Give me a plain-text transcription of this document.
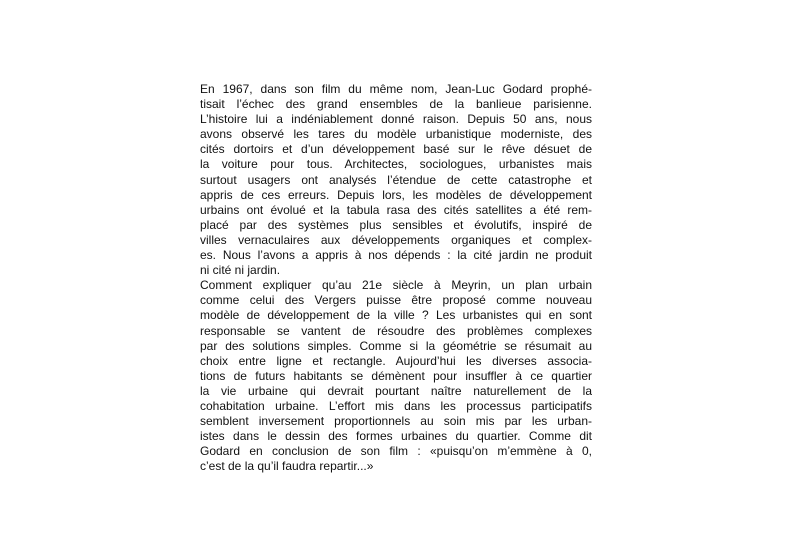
En 1967, dans son film du même nom, Jean-Luc Godard prophé-
tisait l’échec des grand ensembles de la banlieue parisienne.
L’histoire lui a indéniablement donné raison. Depuis 50 ans, nous
avons observé les tares du modèle urbanistique moderniste, des
cités dortoirs et d’un développement basé sur le rêve désuet de
la voiture pour tous. Architectes, sociologues, urbanistes mais
surtout usagers ont analysés l’étendue de cette catastrophe et
appris de ces erreurs. Depuis lors, les modèles de développement
urbains ont évolué et la tabula rasa des cités satellites a été rem-
placé par des systèmes plus sensibles et évolutifs, inspiré de
villes vernaculaires aux développements organiques et complex-
es. Nous l’avons a appris à nos dépends : la cité jardin ne produit
ni cité ni jardin.
Comment expliquer qu’au 21e siècle à Meyrin, un plan urbain
comme celui des Vergers puisse être proposé comme nouveau
modèle de développement de la ville ? Les urbanistes qui en sont
responsable se vantent de résoudre des problèmes complexes
par des solutions simples. Comme si la géométrie se résumait au
choix entre ligne et rectangle. Aujourd’hui les diverses associa-
tions de futurs habitants se démènent pour insuffler à ce quartier
la vie urbaine qui devrait pourtant naître naturellement de la
cohabitation urbaine. L’effort mis dans les processus participatifs
semblent inversement proportionnels au soin mis par les urban-
istes dans le dessin des formes urbaines du quartier. Comme dit
Godard en conclusion de son film : «puisqu’on m’emmène à 0,
c’est de la qu’il faudra repartir...»
